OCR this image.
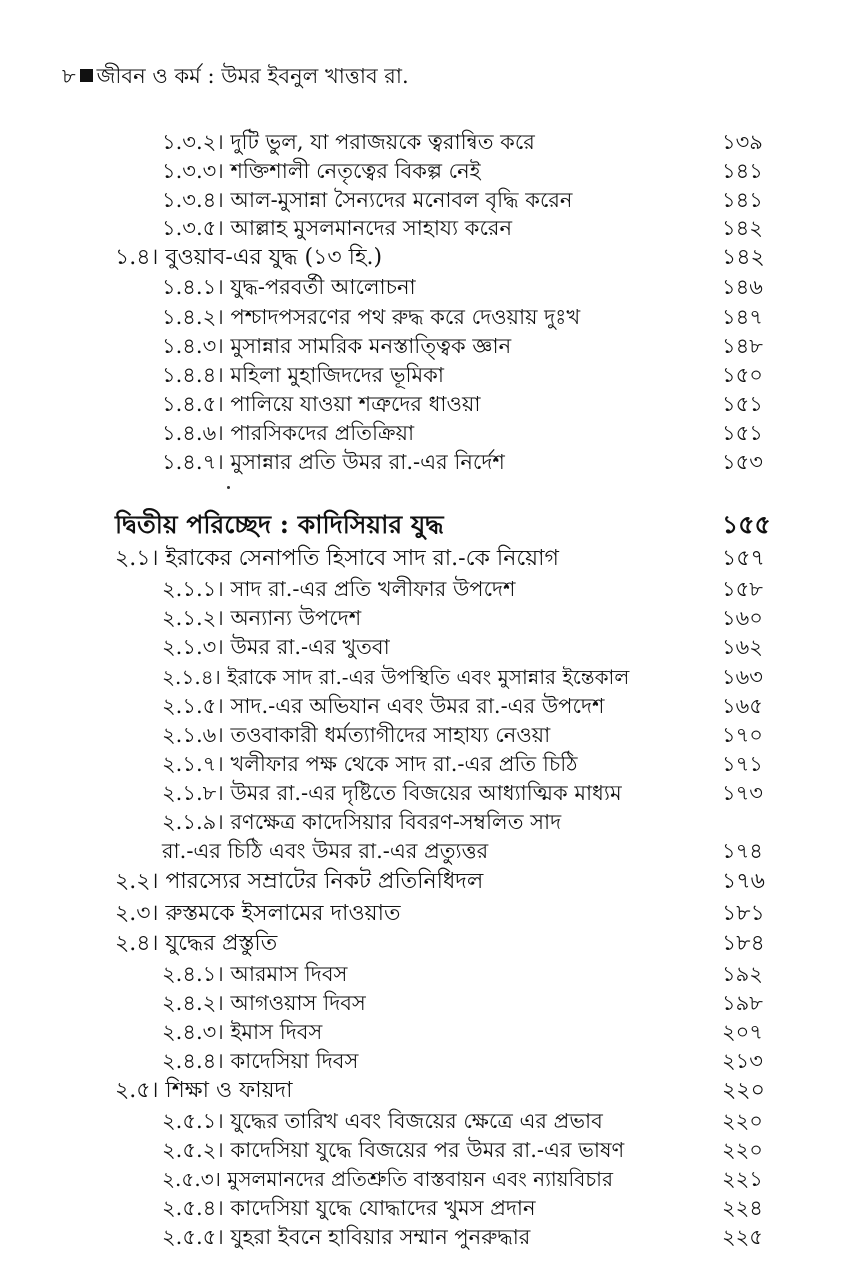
৮ জীবন ও কর্ম : উমর ইবনুল খাত্তাব রা.
১.৩.২। দুটি ভুল, যা পরাজয়কে ত্বরান্বিত করে	১৩৯
১.৩.৩। শক্তিশালী নেতৃত্বের বিকল্প নেই	১৪১
১.৩.৪। আল-মুসান্না সৈন্যদের মনোবল বৃদ্ধি করেন	১৪১
১.৩.৫। আল্লাহ মুসলমানদের সাহায্য করেন	১৪২
১.৪। বুওয়াব-এর যুদ্ধ (১৩ হি.)	১৪২
১.৪.১। যুদ্ধ-পরবর্তী আলোচনা	১৪৬
১.৪.২। পশ্চাদপসরণের পথ রুদ্ধ করে দেওয়ায় দুঃখ	১৪৭
১.৪.৩। মুসান্নার সামরিক মনস্তাত্ত্বিক জ্ঞান	১৪৮
১.৪.৪। মহিলা মুহাজিদদের ভূমিকা	১৫০
১.৪.৫। পালিয়ে যাওয়া শত্রুদের ধাওয়া	১৫১
১.৪.৬। পারসিকদের প্রতিক্রিয়া	১৫১
১.৪.৭। মুসান্নার প্রতি উমর রা.-এর নির্দেশ	১৫৩
দ্বিতীয় পরিচ্ছেদ : কাদিসিয়ার যুদ্ধ	১৫৫
২.১। ইরাকের সেনাপতি হিসাবে সাদ রা.-কে নিয়োগ	১৫৭
২.১.১। সাদ রা.-এর প্রতি খলীফার উপদেশ	১৫৮
২.১.২। অন্যান্য উপদেশ	১৬০
২.১.৩। উমর রা.-এর খুতবা	১৬২
২.১.৪। ইরাকে সাদ রা.-এর উপস্থিতি এবং মুসান্নার ইন্তেকাল	১৬৩
২.১.৫। সাদ.-এর অভিযান এবং উমর রা.-এর উপদেশ	১৬৫
২.১.৬। তওবাকারী ধর্মত্যাগীদের সাহায্য নেওয়া	১৭০
২.১.৭। খলীফার পক্ষ থেকে সাদ রা.-এর প্রতি চিঠি	১৭১
২.১.৮। উমর রা.-এর দৃষ্টিতে বিজয়ের আধ্যাত্মিক মাধ্যম	১৭৩
২.১.৯। রণক্ষেত্র কাদেসিয়ার বিবরণ-সম্বলিত সাদ
রা.-এর চিঠি এবং উমর রা.-এর প্রত্যুত্তর	১৭৪
২.২। পারস্যের সম্রাটের নিকট প্রতিনিধিদল	১৭৬
২.৩। রুস্তমকে ইসলামের দাওয়াত	১৮১
২.৪। যুদ্ধের প্রস্তুতি	১৮৪
২.৪.১। আরমাস দিবস	১৯২
২.৪.২। আগওয়াস দিবস	১৯৮
২.৪.৩। ইমাস দিবস	২০৭
২.৪.৪। কাদেসিয়া দিবস	২১৩
২.৫। শিক্ষা ও ফায়দা	২২০
২.৫.১। যুদ্ধের তারিখ এবং বিজয়ের ক্ষেত্রে এর প্রভাব	২২০
২.৫.২। কাদেসিয়া যুদ্ধে বিজয়ের পর উমর রা.-এর ভাষণ	২২০
২.৫.৩। মুসলমানদের প্রতিশ্রুতি বাস্তবায়ন এবং ন্যায়বিচার	২২১
২.৫.৪। কাদেসিয়া যুদ্ধে যোদ্ধাদের খুমস প্রদান	২২৪
২.৫.৫। যুহরা ইবনে হাবিয়ার সম্মান পুনরুদ্ধার	২২৫
